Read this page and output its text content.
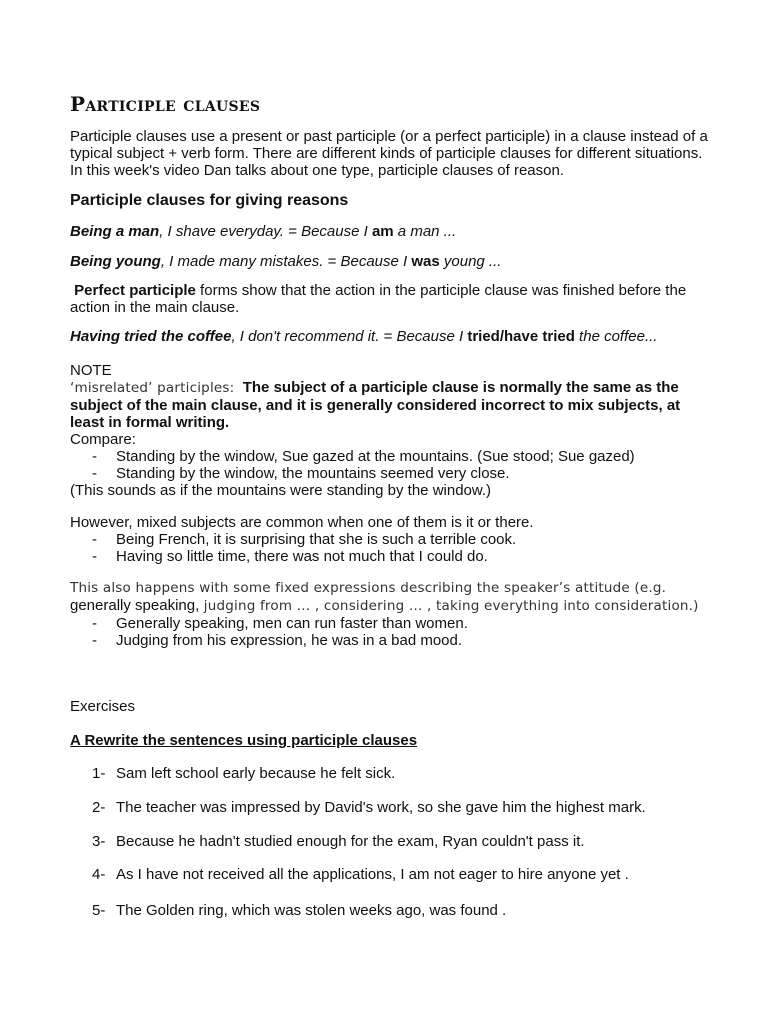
Participle clauses
Participle clauses use a present or past participle (or a perfect participle) in a clause instead of a typical subject + verb form. There are different kinds of participle clauses for different situations. In this week's video Dan talks about one type, participle clauses of reason.
Participle clauses for giving reasons
Being a man, I shave everyday. = Because I am a man ...
Being young, I made many mistakes. = Because I was young ...
Perfect participle forms show that the action in the participle clause was finished before the action in the main clause.
Having tried the coffee, I don't recommend it. = Because I tried/have tried the coffee...
NOTE
‘misrelated’ participles: The subject of a participle clause is normally the same as the subject of the main clause, and it is generally considered incorrect to mix subjects, at least in formal writing.
Compare:
- Standing by the window, Sue gazed at the mountains. (Sue stood; Sue gazed)
- Standing by the window, the mountains seemed very close.
(This sounds as if the mountains were standing by the window.)
However, mixed subjects are common when one of them is it or there.
- Being French, it is surprising that she is such a terrible cook.
- Having so little time, there was not much that I could do.
This also happens with some fixed expressions describing the speaker’s attitude (e.g.
generally speaking, judging from … , considering … , taking everything into consideration.)
- Generally speaking, men can run faster than women.
- Judging from his expression, he was in a bad mood.
Exercises
A Rewrite the sentences using participle clauses
1- Sam left school early because he felt sick.
2- The teacher was impressed by David's work, so she gave him the highest mark.
3- Because he hadn't studied enough for the exam, Ryan couldn't pass it.
4- As I have not received all the applications, I am not eager to hire anyone yet .
5- The Golden ring, which was stolen weeks ago, was found .
